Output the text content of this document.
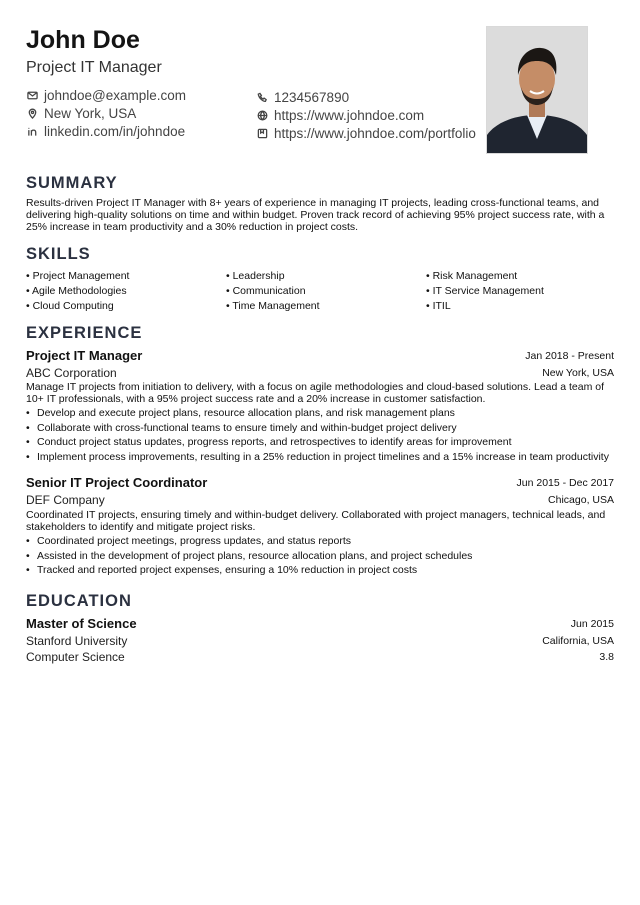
John Doe
Project IT Manager
johndoe@example.com
New York, USA
linkedin.com/in/johndoe
1234567890
https://www.johndoe.com
https://www.johndoe.com/portfolio
SUMMARY
Results-driven Project IT Manager with 8+ years of experience in managing IT projects, leading cross-functional teams, and delivering high-quality solutions on time and within budget. Proven track record of achieving 95% project success rate, with a 25% increase in team productivity and a 30% reduction in project costs.
SKILLS
• Project Management
• Agile Methodologies
• Cloud Computing
• Leadership
• Communication
• Time Management
• Risk Management
• IT Service Management
• ITIL
EXPERIENCE
Project IT Manager	Jan 2018 - Present
ABC Corporation	New York, USA
Manage IT projects from initiation to delivery, with a focus on agile methodologies and cloud-based solutions. Lead a team of 10+ IT professionals, with a 95% project success rate and a 20% increase in customer satisfaction.
• Develop and execute project plans, resource allocation plans, and risk management plans
• Collaborate with cross-functional teams to ensure timely and within-budget project delivery
• Conduct project status updates, progress reports, and retrospectives to identify areas for improvement
• Implement process improvements, resulting in a 25% reduction in project timelines and a 15% increase in team productivity
Senior IT Project Coordinator	Jun 2015 - Dec 2017
DEF Company	Chicago, USA
Coordinated IT projects, ensuring timely and within-budget delivery. Collaborated with project managers, technical leads, and stakeholders to identify and mitigate project risks.
• Coordinated project meetings, progress updates, and status reports
• Assisted in the development of project plans, resource allocation plans, and project schedules
• Tracked and reported project expenses, ensuring a 10% reduction in project costs
EDUCATION
Master of Science	Jun 2015
Stanford University	California, USA
Computer Science	3.8
